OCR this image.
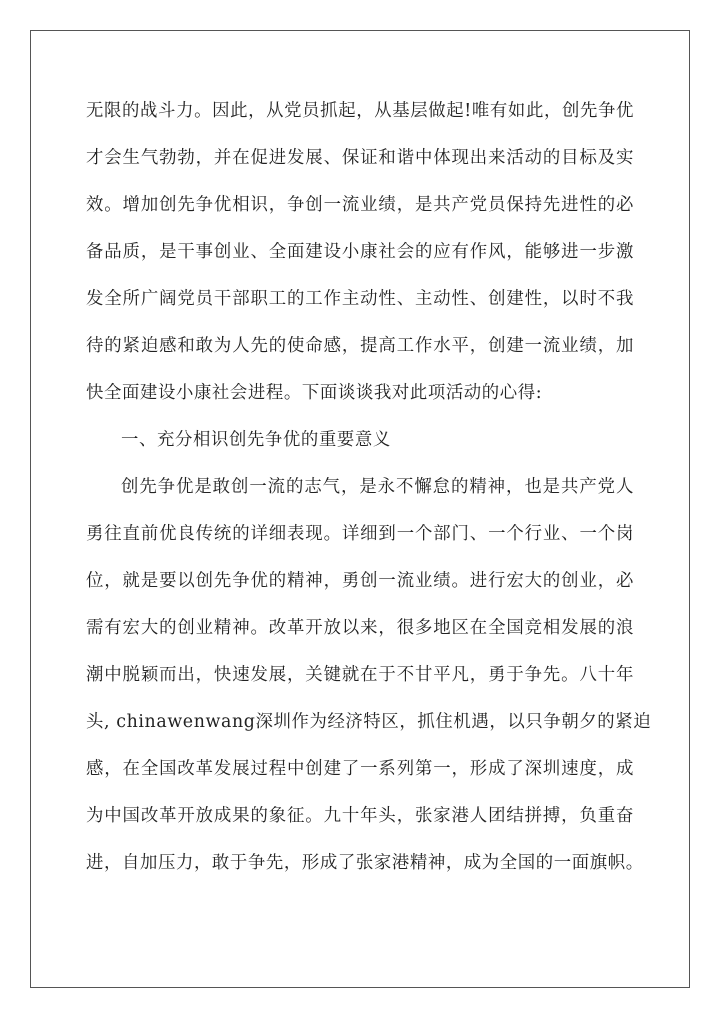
无限的战斗力。因此，从党员抓起，从基层做起!唯有如此，创先争优
才会生气勃勃，并在促进发展、保证和谐中体现出来活动的目标及实
效。增加创先争优相识，争创一流业绩，是共产党员保持先进性的必
备品质，是干事创业、全面建设小康社会的应有作风，能够进一步激
发全所广阔党员干部职工的工作主动性、主动性、创建性，以时不我
待的紧迫感和敢为人先的使命感，提高工作水平，创建一流业绩，加
快全面建设小康社会进程。下面谈谈我对此项活动的心得:
一、充分相识创先争优的重要意义
创先争优是敢创一流的志气，是永不懈怠的精神，也是共产党人
勇往直前优良传统的详细表现。详细到一个部门、一个行业、一个岗
位，就是要以创先争优的精神，勇创一流业绩。进行宏大的创业，必
需有宏大的创业精神。改革开放以来，很多地区在全国竞相发展的浪
潮中脱颖而出，快速发展，关键就在于不甘平凡，勇于争先。八十年
头, chinawenwang深圳作为经济特区，抓住机遇，以只争朝夕的紧迫
感，在全国改革发展过程中创建了一系列第一，形成了深圳速度，成
为中国改革开放成果的象征。九十年头，张家港人团结拼搏，负重奋
进，自加压力，敢于争先，形成了张家港精神，成为全国的一面旗帜。
